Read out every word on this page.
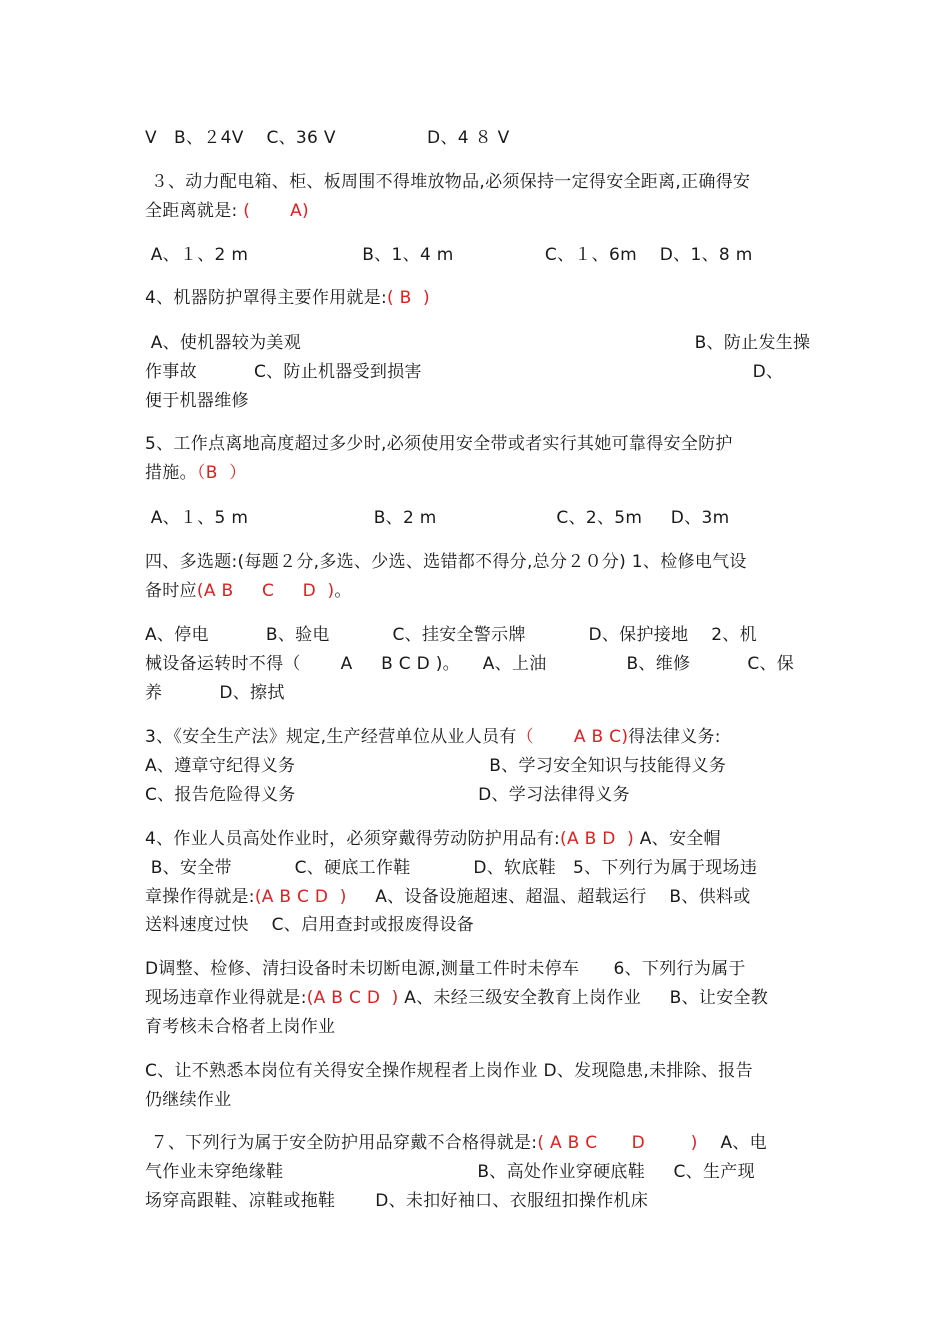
V   B、２4V    C、36 V                D、4 ８ V
３、动力配电箱、柜、板周围不得堆放物品,必须保持一定得安全距离,正确得安
全距离就是: (       A)
A、１、2 m                    B、1、4 m                C、１、6m    D、1、8 m
4、机器防护罩得主要作用就是:( B  )
A、使机器较为美观                                                                     B、防止发生操
作事故          C、防止机器受到损害                                                          D、
便于机器维修
5、工作点离地高度超过多少时,必须使用安全带或者实行其她可靠得安全防护
措施。（B  ）
A、１、5 m                      B、2 m                     C、2、5m     D、3m
四、多选题:(每题２分,多选、少选、选错都不得分,总分２０分) 1、检修电气设
备时应(A B     C     D  )。
A、停电          B、验电           C、挂安全警示牌           D、保护接地    2、机
械设备运转时不得（       A     B C D )。    A、上油              B、维修          C、保
养          D、擦拭
3、《安全生产法》规定,生产经营单位从业人员有（       A B C)得法律义务:
A、遵章守纪得义务                                  B、学习安全知识与技能得义务
C、报告危险得义务                                D、学习法律得义务
4、作业人员高处作业时，必须穿戴得劳动防护用品有:(A B D  ) A、安全帽
B、安全带           C、硬底工作鞋           D、软底鞋   5、下列行为属于现场违
章操作得就是:(A B C D  )     A、设备设施超速、超温、超载运行    B、供料或
送料速度过快    C、启用查封或报废得设备
D调整、检修、清扫设备时未切断电源,测量工件时未停车      6、下列行为属于
现场违章作业得就是:(A B C D  ) A、未经三级安全教育上岗作业     B、让安全教
育考核未合格者上岗作业
C、让不熟悉本岗位有关得安全操作规程者上岗作业 D、发现隐患,未排除、报告
仍继续作业
７、下列行为属于安全防护用品穿戴不合格得就是:( A B C      D        )    A、电
气作业未穿绝缘鞋                                  B、高处作业穿硬底鞋     C、生产现
场穿高跟鞋、凉鞋或拖鞋       D、未扣好袖口、衣服纽扣操作机床
